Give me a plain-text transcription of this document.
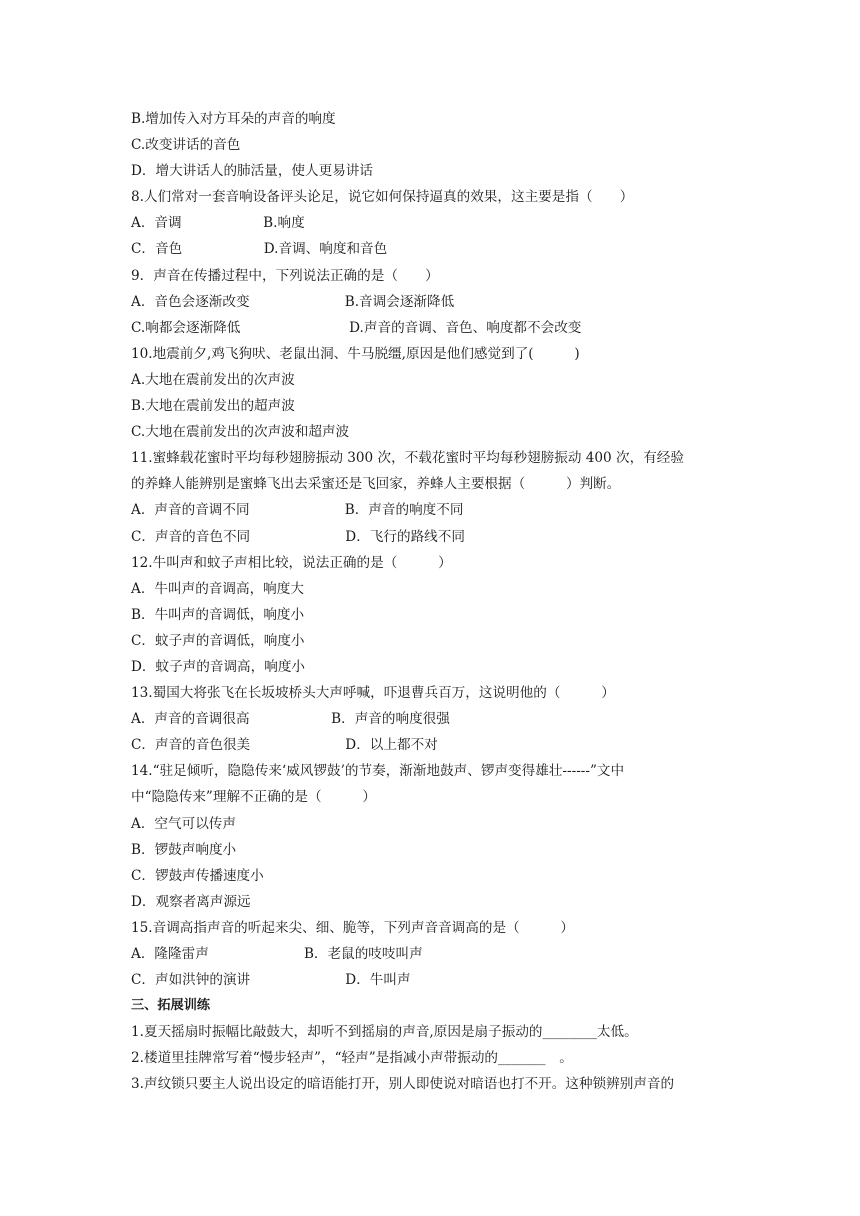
B.增加传入对方耳朵的声音的响度
C.改变讲话的音色
D．增大讲话人的肺活量，使人更易讲话
8.人们常对一套音响设备评头论足，说它如何保持逼真的效果，这主要是指（　　）
A．音调　　　　　　B.响度
C．音色　　　　　　D.音调、响度和音色
9．声音在传播过程中，下列说法正确的是（　　）
A．音色会逐渐改变　　　　　　　B.音调会逐渐降低
C.响都会逐渐降低　　　　　　　　D.声音的音调、音色、响度都不会改变
10.地震前夕,鸡飞狗吠、老鼠出洞、牛马脱缰,原因是他们感觉到了(　　　)
A.大地在震前发出的次声波
B.大地在震前发出的超声波
C.大地在震前发出的次声波和超声波
11.蜜蜂载花蜜时平均每秒翅膀振动 300 次，不载花蜜时平均每秒翅膀振动 400 次，有经验
的养蜂人能辨别是蜜蜂飞出去采蜜还是飞回家，养蜂人主要根据（　　　）判断。
A．声音的音调不同　　　　　　　B．声音的响度不同
C．声音的音色不同　　　　　　　D．飞行的路线不同
12.牛叫声和蚊子声相比较，说法正确的是（　　　）
A．牛叫声的音调高，响度大
B．牛叫声的音调低，响度小
C．蚊子声的音调低，响度小
D．蚊子声的音调高，响度小
13.蜀国大将张飞在长坂坡桥头大声呼喊，吓退曹兵百万，这说明他的（　　　）
A．声音的音调很高　　　　　　B．声音的响度很强
C．声音的音色很美　　　　　　　D．以上都不对
14.“驻足倾听，隐隐传来‘威风锣鼓’的节奏，渐渐地鼓声、锣声变得雄壮------”文中
中“隐隐传来”理解不正确的是（　　　）
A．空气可以传声
B．锣鼓声响度小
C．锣鼓声传播速度小
D．观察者离声源远
15.音调高指声音的听起来尖、细、脆等，下列声音音调高的是（　　　）
A．隆隆雷声　　　　　　　B．老鼠的吱吱叫声
C．声如洪钟的演讲　　　　　　　D．牛叫声
三、拓展训练
1.夏天摇扇时振幅比敲鼓大，却听不到摇扇的声音,原因是扇子振动的________太低。
2.楼道里挂牌常写着“慢步轻声”，“轻声”是指减小声带振动的_______　。
3.声纹锁只要主人说出设定的暗语能打开，别人即使说对暗语也打不开。这种锁辨别声音的
